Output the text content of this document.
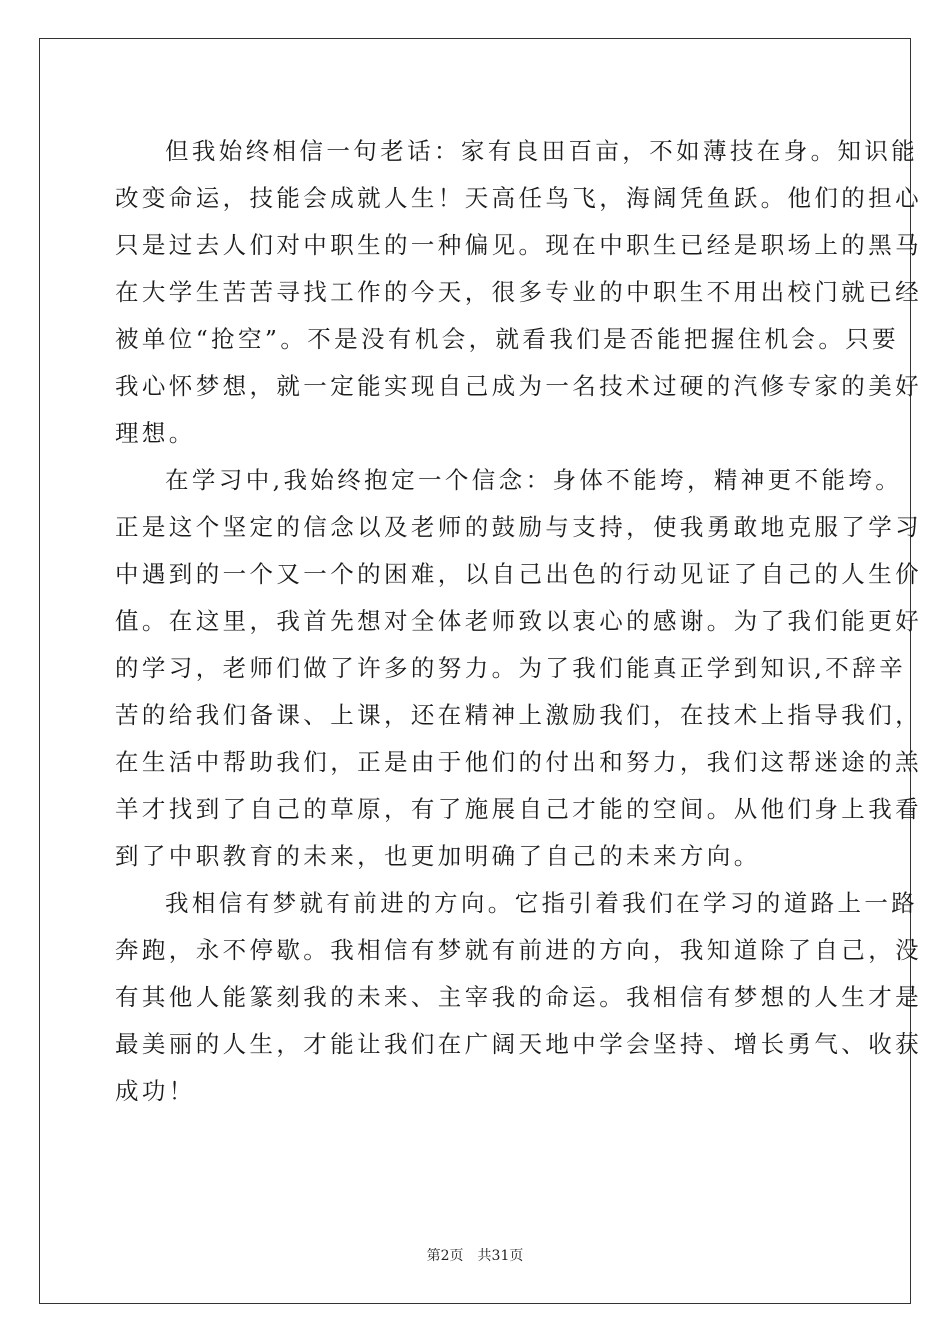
但我始终相信一句老话：家有良田百亩，不如薄技在身。知识能
改变命运，技能会成就人生！天高任鸟飞，海阔凭鱼跃。他们的担心
只是过去人们对中职生的一种偏见。现在中职生已经是职场上的黑马
在大学生苦苦寻找工作的今天，很多专业的中职生不用出校门就已经
被单位“抢空”。不是没有机会，就看我们是否能把握住机会。只要
我心怀梦想，就一定能实现自己成为一名技术过硬的汽修专家的美好
理想。

在学习中,我始终抱定一个信念：身体不能垮，精神更不能垮。
正是这个坚定的信念以及老师的鼓励与支持，使我勇敢地克服了学习
中遇到的一个又一个的困难，以自己出色的行动见证了自己的人生价
值。在这里，我首先想对全体老师致以衷心的感谢。为了我们能更好
的学习，老师们做了许多的努力。为了我们能真正学到知识,不辞辛
苦的给我们备课、上课，还在精神上激励我们，在技术上指导我们，
在生活中帮助我们，正是由于他们的付出和努力，我们这帮迷途的羔
羊才找到了自己的草原，有了施展自己才能的空间。从他们身上我看
到了中职教育的未来，也更加明确了自己的未来方向。

我相信有梦就有前进的方向。它指引着我们在学习的道路上一路
奔跑，永不停歇。我相信有梦就有前进的方向，我知道除了自己，没
有其他人能篆刻我的未来、主宰我的命运。我相信有梦想的人生才是
最美丽的人生，才能让我们在广阔天地中学会坚持、增长勇气、收获
成功！

第2页 共31页
